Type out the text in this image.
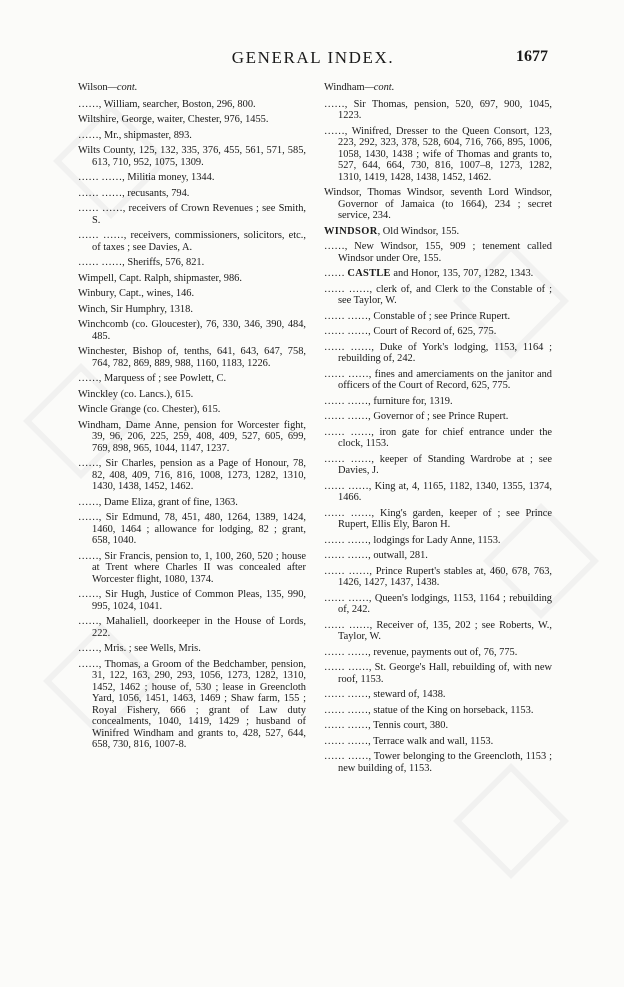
GENERAL INDEX.	1677
Wilson—cont.
……, William, searcher, Boston, 296, 800.
Wiltshire, George, waiter, Chester, 976, 1455.
……, Mr., shipmaster, 893.
Wilts County, 125, 132, 335, 376, 455, 561, 571, 585, 613, 710, 952, 1075, 1309.
…… ……, Militia money, 1344.
…… ……, recusants, 794.
…… ……, receivers of Crown Revenues ; see Smith, S.
…… ……, receivers, commissioners, solicitors, etc., of taxes ; see Davies, A.
…… ……, Sheriffs, 576, 821.
Wimpell, Capt. Ralph, shipmaster, 986.
Winbury, Capt., wines, 146.
Winch, Sir Humphry, 1318.
Winchcomb (co. Gloucester), 76, 330, 346, 390, 484, 485.
Winchester, Bishop of, tenths, 641, 643, 647, 758, 764, 782, 869, 889, 988, 1160, 1183, 1226.
……, Marquess of ; see Powlett, C.
Winckley (co. Lancs.), 615.
Wincle Grange (co. Chester), 615.
Windham, Dame Anne, pension for Worcester fight, 39, 96, 206, 225, 259, 408, 409, 527, 605, 699, 769, 898, 965, 1044, 1147, 1237.
……, Sir Charles, pension as a Page of Honour, 78, 82, 408, 409, 716, 816, 1008, 1273, 1282, 1310, 1430, 1438, 1452, 1462.
……, Dame Eliza, grant of fine, 1363.
……, Sir Edmund, 78, 451, 480, 1264, 1389, 1424, 1460, 1464 ; allowance for lodging, 82 ; grant, 658, 1040.
……, Sir Francis, pension to, 1, 100, 260, 520 ; house at Trent where Charles II was concealed after Worcester flight, 1080, 1374.
……, Sir Hugh, Justice of Common Pleas, 135, 990, 995, 1024, 1041.
……, Mahaliell, doorkeeper in the House of Lords, 222.
……, Mris. ; see Wells, Mris.
……, Thomas, a Groom of the Bedchamber, pension, 31, 122, 163, 290, 293, 1056, 1273, 1282, 1310, 1452, 1462 ; house of, 530 ; lease in Greencloth Yard, 1056, 1451, 1463, 1469 ; Shaw farm, 155 ; Royal Fishery, 666 ; grant of Law duty concealments, 1040, 1419, 1429 ; husband of Winifred Windham and grants to, 428, 527, 644, 658, 730, 816, 1007-8.
Windham—cont.
……, Sir Thomas, pension, 520, 697, 900, 1045, 1223.
……, Winifred, Dresser to the Queen Consort, 123, 223, 292, 323, 378, 528, 604, 716, 766, 895, 1006, 1058, 1430, 1438 ; wife of Thomas and grants to, 527, 644, 664, 730, 816, 1007–8, 1273, 1282, 1310, 1419, 1428, 1438, 1452, 1462.
Windsor, Thomas Windsor, seventh Lord Windsor, Governor of Jamaica (to 1664), 234 ; secret service, 234.
WINDSOR, Old Windsor, 155.
……, New Windsor, 155, 909 ; tenement called Windsor under Ore, 155.
…… CASTLE and Honor, 135, 707, 1282, 1343.
…… ……, clerk of, and Clerk to the Constable of ; see Taylor, W.
…… ……, Constable of ; see Prince Rupert.
…… ……, Court of Record of, 625, 775.
…… ……, Duke of York's lodging, 1153, 1164 ; rebuilding of, 242.
…… ……, fines and amerciaments on the janitor and officers of the Court of Record, 625, 775.
…… ……, furniture for, 1319.
…… ……, Governor of ; see Prince Rupert.
…… ……, iron gate for chief entrance under the clock, 1153.
…… ……, keeper of Standing Wardrobe at ; see Davies, J.
…… ……, King at, 4, 1165, 1182, 1340, 1355, 1374, 1466.
…… ……, King's garden, keeper of ; see Prince Rupert, Ellis Ely, Baron H.
…… ……, lodgings for Lady Anne, 1153.
…… ……, outwall, 281.
…… ……, Prince Rupert's stables at, 460, 678, 763, 1426, 1427, 1437, 1438.
…… ……, Queen's lodgings, 1153, 1164 ; rebuilding of, 242.
…… ……, Receiver of, 135, 202 ; see Roberts, W., Taylor, W.
…… ……, revenue, payments out of, 76, 775.
…… ……, St. George's Hall, rebuilding of, with new roof, 1153.
…… ……, steward of, 1438.
…… ……, statue of the King on horseback, 1153.
…… ……, Tennis court, 380.
…… ……, Terrace walk and wall, 1153.
…… ……, Tower belonging to the Greencloth, 1153 ; new building of, 1153.
